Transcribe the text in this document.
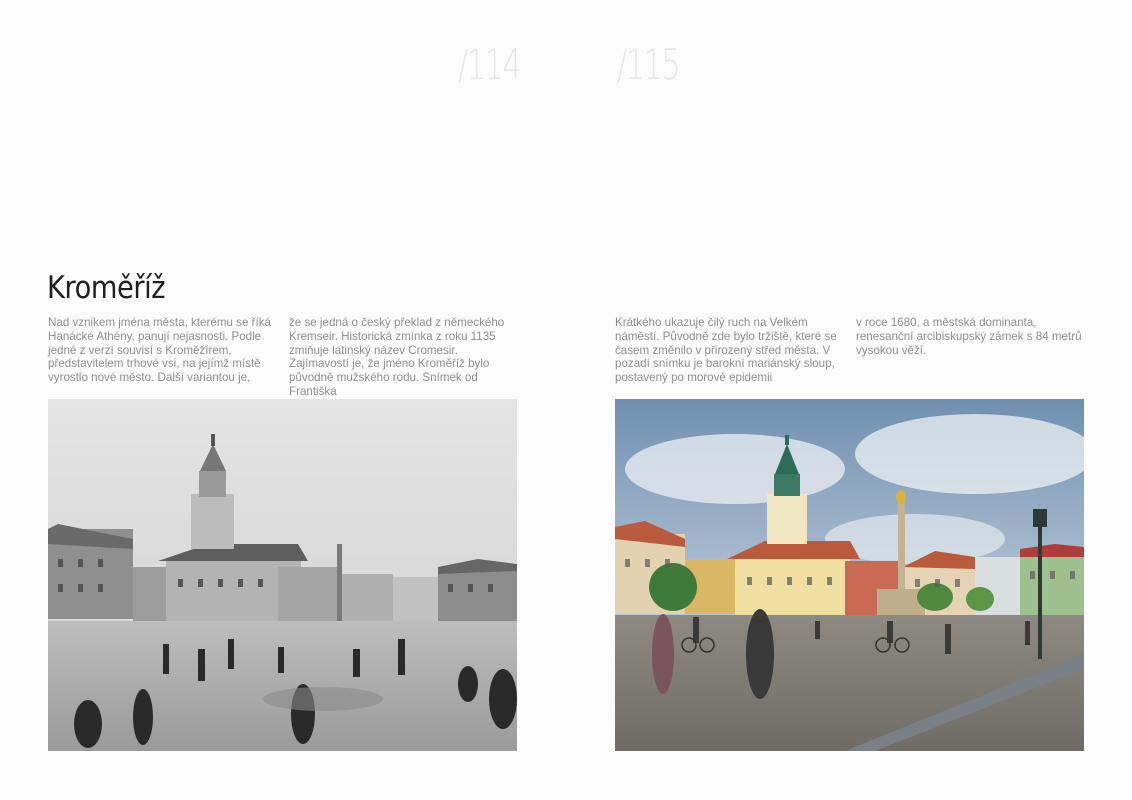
/114 /115
Kroměříž

Nad vznikem jména města, kterému se říká Hanácké Athény, panují nejasnosti. Podle jedné z verzí souvisí s Kroměžírem, představitelem trhové vsi, na jejímž místě vyrostlo nové město. Další variantou je,

že se jedná o český překlad z německého Kremseir. Historická zmínka z roku 1135 zmiňuje latinský název Cromesir. Zajímavostí je, že jméno Kroměříž bylo původně mužského rodu. Snímek od Františka

Krátkého ukazuje čilý ruch na Velkém náměstí. Původně zde bylo tržiště, které se časem změnilo v přirozený střed města. V pozadí snímku je barokní mariánský sloup, postavený po morové epidemii

v roce 1680, a městská dominanta, renesanční arcibiskupský zámek s 84 metrů vysokou věží.
